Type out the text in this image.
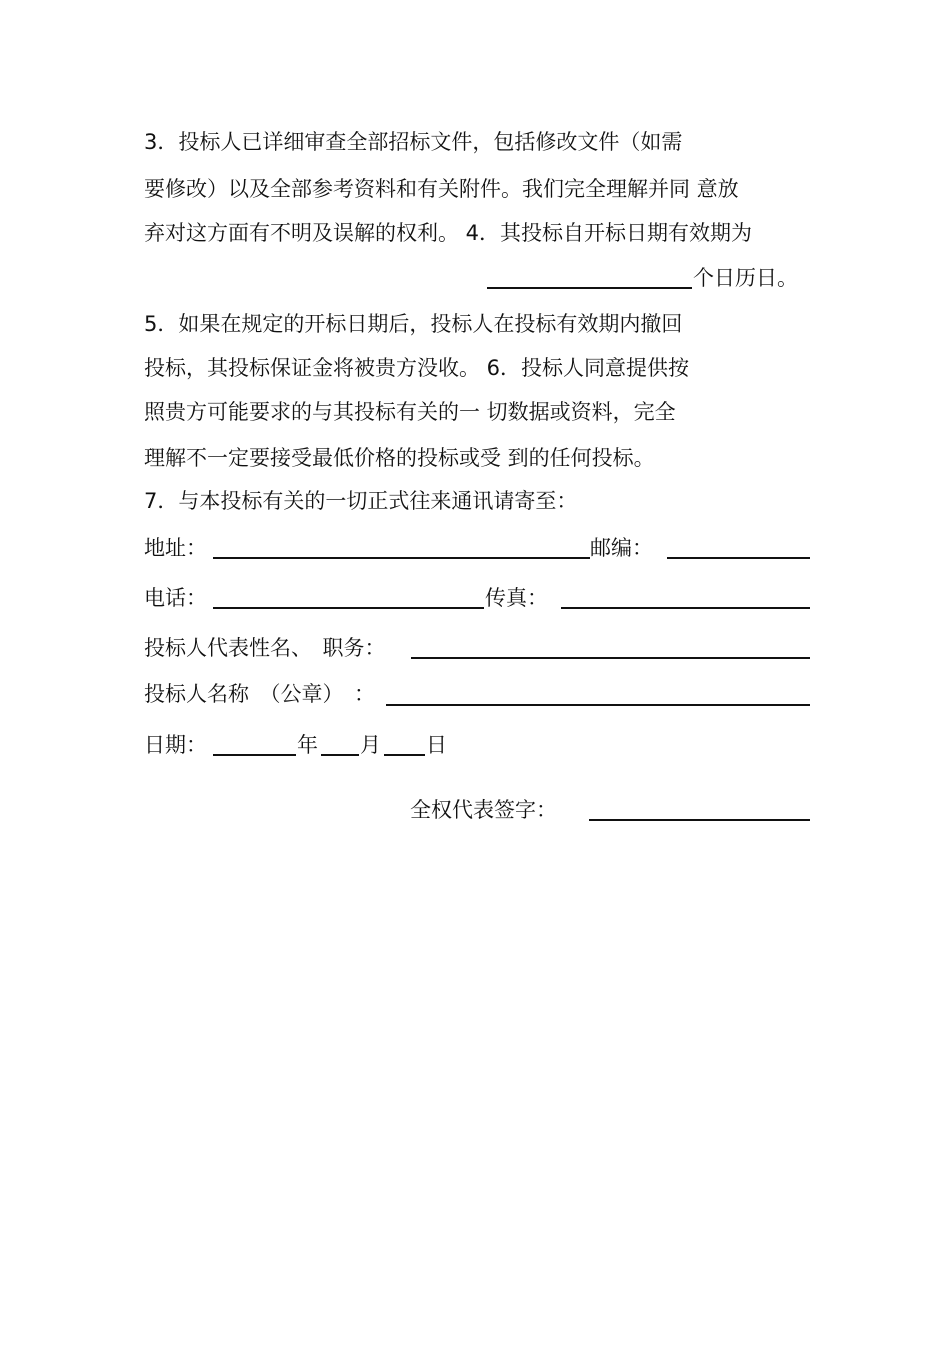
3．投标人已详细审查全部招标文件，包括修改文件（如需
要修改）以及全部参考资料和有关附件。我们完全理解并同 意放
弃对这方面有不明及误解的权利。 4．其投标自开标日期有效期为
个日历日。
5．如果在规定的开标日期后，投标人在投标有效期内撤回
投标，其投标保证金将被贵方没收。 6．投标人同意提供按
照贵方可能要求的与其投标有关的一 切数据或资料，完全
理解不一定要接受最低价格的投标或受 到的任何投标。
7．与本投标有关的一切正式往来通讯请寄至：
地址：	邮编：
电话：	传真：
投标人代表性名、　职务：
投标人名称　（公章）　：
日期：	年 月 日
全权代表签字：
